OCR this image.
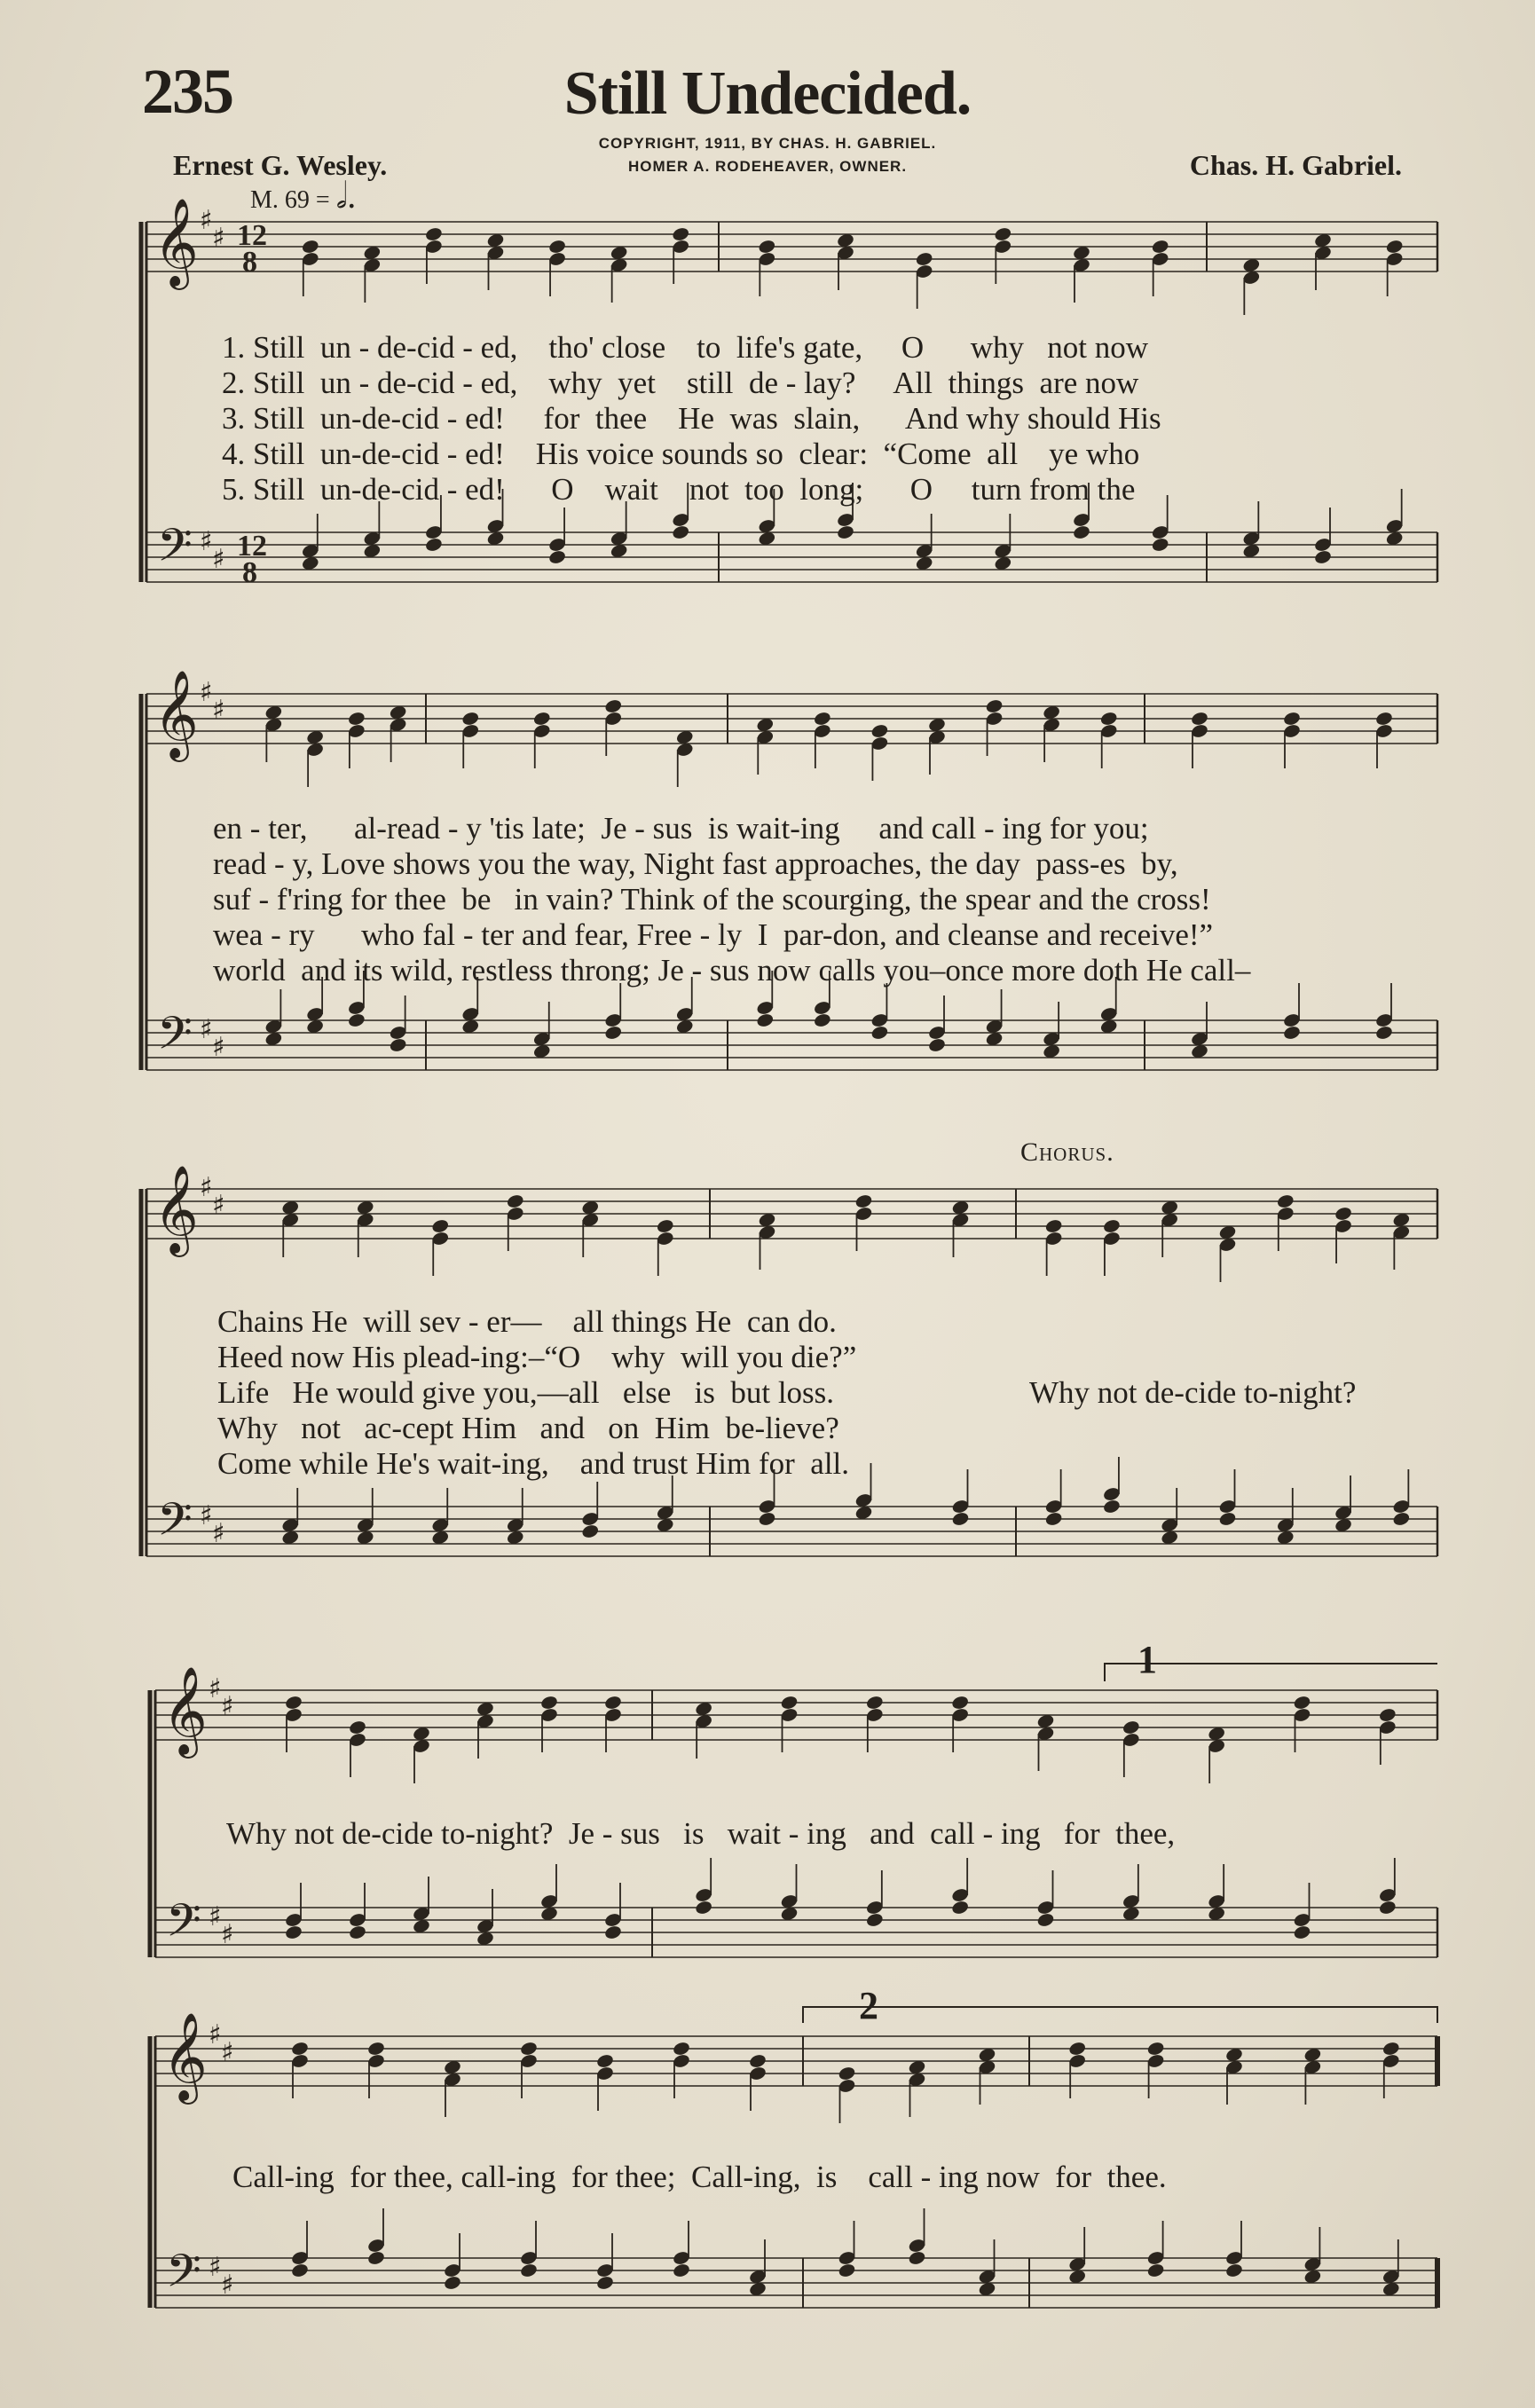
235	Still Undecided.
COPYRIGHT, 1911, BY CHAS. H. GABRIEL.
HOMER A. RODEHEAVER, OWNER.
Ernest G. Wesley.	Chas. H. Gabriel.
M. 69 = 𝅗𝅥.
𝄞
𝄢
♯
♯
♯
♯
12
8
12
8
𝄞
𝄢
♯
♯
♯
♯
𝄞
𝄢
♯
♯
♯
♯
𝄞
𝄢
♯
♯
♯
♯
𝄞
𝄢
♯
♯
♯
♯
1. Still  un - de-cid - ed,    tho' close    to  life's gate,     O      why   not now
2. Still  un - de-cid - ed,    why  yet    still  de - lay?     All  things  are now
3. Still  un-de-cid - ed!     for  thee    He  was  slain,      And why should His
4. Still  un-de-cid - ed!    His voice sounds so  clear:  “Come  all    ye who
5. Still  un-de-cid - ed!      O    wait    not  too  long;      O     turn from the
en - ter,      al-read - y 'tis late;  Je - sus  is wait-ing     and call - ing for you;
read - y, Love shows you the way, Night fast approaches, the day  pass-es  by,
suf - f'ring for thee  be   in vain? Think of the scourging, the spear and the cross!
wea - ry      who fal - ter and fear, Free - ly  I  par-don, and cleanse and receive!”
world  and its wild, restless throng; Je - sus now calls you–once more doth He call–
Chorus.
Chains He  will sev - er—    all things He  can do.
Heed now His plead-ing:–“O    why  will you die?”
Life   He would give you,—all   else   is  but loss.
Why   not   ac-cept Him   and   on  Him  be-lieve?
Come while He's wait-ing,    and trust Him for  all.
Why not de-cide to-night?
Why not de-cide to-night?  Je - sus   is   wait - ing   and  call - ing   for  thee,
Call-ing  for thee, call-ing  for thee;  Call-ing,  is    call - ing now  for  thee.
1
2
